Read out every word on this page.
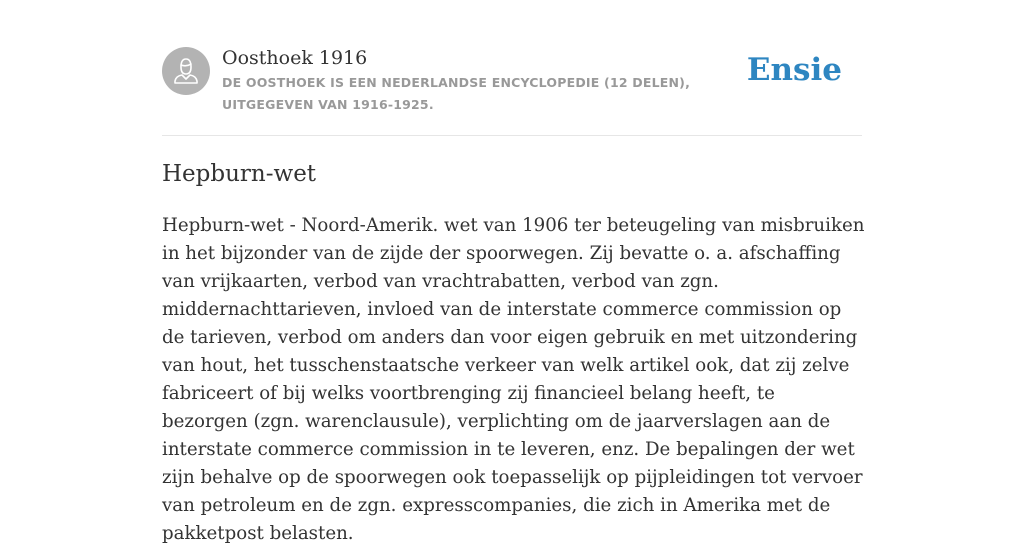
Oosthoek 1916
DE OOSTHOEK IS EEN NEDERLANDSE ENCYCLOPEDIE (12 DELEN), UITGEGEVEN VAN 1916-1925.
Ensie
Hepburn-wet

Hepburn-wet - Noord-Amerik. wet van 1906 ter beteugeling van misbruiken in het bijzonder van de zijde der spoorwegen. Zij bevatte o. a. afschaffing van vrijkaarten, verbod van vrachtrabatten, verbod van zgn. middernachttarieven, invloed van de interstate commerce commission op de tarieven, verbod om anders dan voor eigen gebruik en met uitzondering van hout, het tusschenstaatsche verkeer van welk artikel ook, dat zij zelve fabriceert of bij welks voortbrenging zij financieel belang heeft, te bezorgen (zgn. warenclausule), verplichting om de jaarverslagen aan de interstate commerce commission in te leveren, enz. De bepalingen der wet zijn behalve op de spoorwegen ook toepasselijk op pijpleidingen tot vervoer van petroleum en de zgn. expresscompanies, die zich in Amerika met de pakketpost belasten.
